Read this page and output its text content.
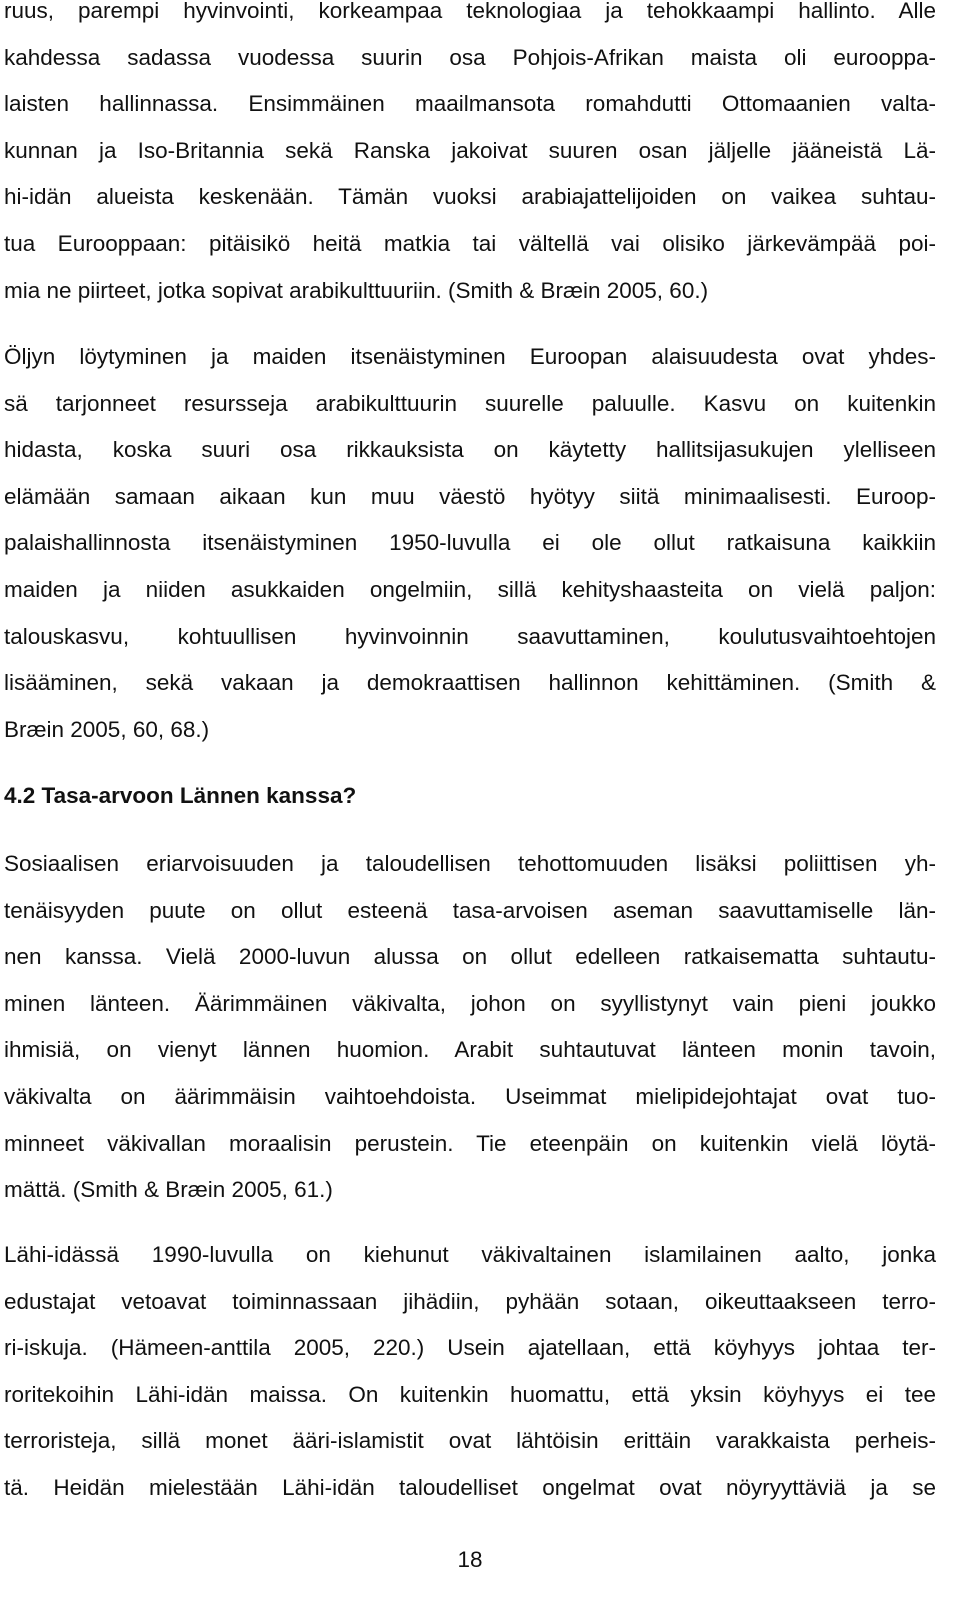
ruus, parempi hyvinvointi, korkeampaa teknologiaa ja tehokkaampi hallinto. Alle
kahdessa sadassa vuodessa suurin osa Pohjois-Afrikan maista oli eurooppa-
laisten hallinnassa. Ensimmäinen maailmansota romahdutti Ottomaanien valta-
kunnan ja Iso-Britannia sekä Ranska jakoivat suuren osan jäljelle jääneistä Lä-
hi-idän alueista keskenään. Tämän vuoksi arabiajattelijoiden on vaikea suhtau-
tua Eurooppaan: pitäisikö heitä matkia tai vältellä vai olisiko järkevämpää poi-
mia ne piirteet, jotka sopivat arabikulttuuriin. (Smith & Bræin 2005, 60.)

Öljyn löytyminen ja maiden itsenäistyminen Euroopan alaisuudesta ovat yhdes-
sä tarjonneet resursseja arabikulttuurin suurelle paluulle. Kasvu on kuitenkin
hidasta, koska suuri osa rikkauksista on käytetty hallitsijasukujen ylelliseen
elämään samaan aikaan kun muu väestö hyötyy siitä minimaalisesti. Euroop-
palaishallinnosta itsenäistyminen 1950-luvulla ei ole ollut ratkaisuna kaikkiin
maiden ja niiden asukkaiden ongelmiin, sillä kehityshaasteita on vielä paljon:
talouskasvu, kohtuullisen hyvinvoinnin saavuttaminen, koulutusvaihtoehtojen
lisääminen, sekä vakaan ja demokraattisen hallinnon kehittäminen. (Smith &
Bræin 2005, 60, 68.)

4.2 Tasa-arvoon Lännen kanssa?

Sosiaalisen eriarvoisuuden ja taloudellisen tehottomuuden lisäksi poliittisen yh-
tenäisyyden puute on ollut esteenä tasa-arvoisen aseman saavuttamiselle län-
nen kanssa. Vielä 2000-luvun alussa on ollut edelleen ratkaisematta suhtautu-
minen länteen. Äärimmäinen väkivalta, johon on syyllistynyt vain pieni joukko
ihmisiä, on vienyt lännen huomion. Arabit suhtautuvat länteen monin tavoin,
väkivalta on äärimmäisin vaihtoehdoista. Useimmat mielipidejohtajat ovat tuo-
minneet väkivallan moraalisin perustein. Tie eteenpäin on kuitenkin vielä löytä-
mättä. (Smith & Bræin 2005, 61.)

Lähi-idässä 1990-luvulla on kiehunut väkivaltainen islamilainen aalto, jonka
edustajat vetoavat toiminnassaan jihädiin, pyhään sotaan, oikeuttaakseen terro-
ri-iskuja. (Hämeen-anttila 2005, 220.) Usein ajatellaan, että köyhyys johtaa ter-
roritekoihin Lähi-idän maissa. On kuitenkin huomattu, että yksin köyhyys ei tee
terroristeja, sillä monet ääri-islamistit ovat lähtöisin erittäin varakkaista perheis-
tä. Heidän mielestään Lähi-idän taloudelliset ongelmat ovat nöyryyttäviä ja se

18
